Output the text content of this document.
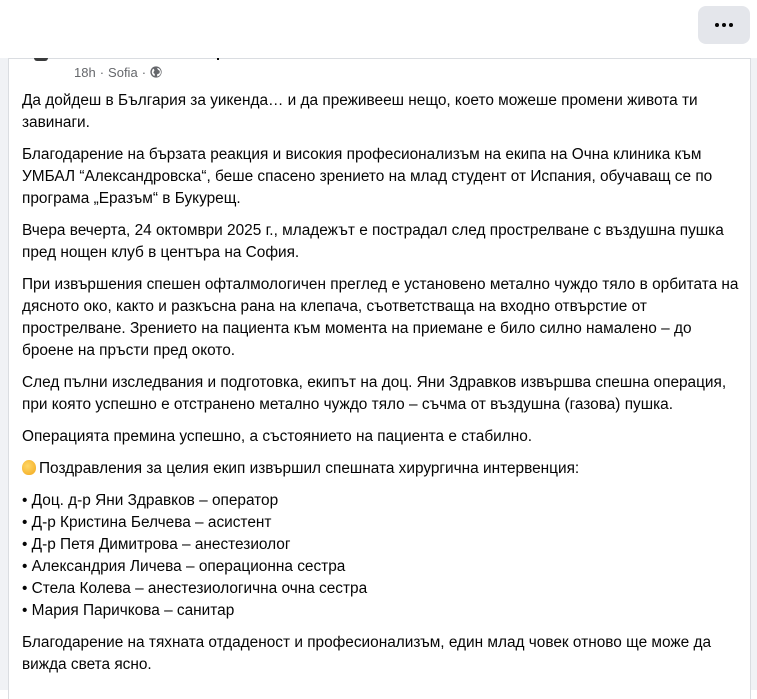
18h · Sofia ·

Да дойдеш в България за уикенда… и да преживееш нещо, което можеше промени живота ти завинаги.

Благодарение на бързата реакция и високия професионализъм на екипа на Очна клиника към УМБАЛ “Александровска“, беше спасено зрението на млад студент от Испания, обучаващ се по програма „Еразъм“ в Букурещ.

Вчера вечерта, 24 октомври 2025 г., младежът е пострадал след прострелване с въздушна пушка пред нощен клуб в центъра на София.

При извършения спешен офталмологичен преглед е установено метално чуждо тяло в орбитата на дясното око, както и разкъсна рана на клепача, съответстваща на входно отвърстие от прострелване. Зрението на пациента към момента на приемане е било силно намалено – до броене на пръсти пред окото.

След пълни изследвания и подготовка, екипът на доц. Яни Здравков извършва спешна операция, при която успешно е отстранено метално чуждо тяло – съчма от въздушна (газова) пушка.

Операцията премина успешно, а състоянието на пациента е стабилно.

Поздравления за целия екип извършил спешната хирургична интервенция:

• Доц. д-р Яни Здравков – оператор
• Д-р Кристина Белчева – асистент
• Д-р Петя Димитрова – анестезиолог
• Александрия Личева – операционна сестра
• Стела Колева – анестезиологична очна сестра
• Мария Паричкова – санитар

Благодарение на тяхната отдаденост и професионализъм, един млад човек отново ще може да вижда света ясно.
